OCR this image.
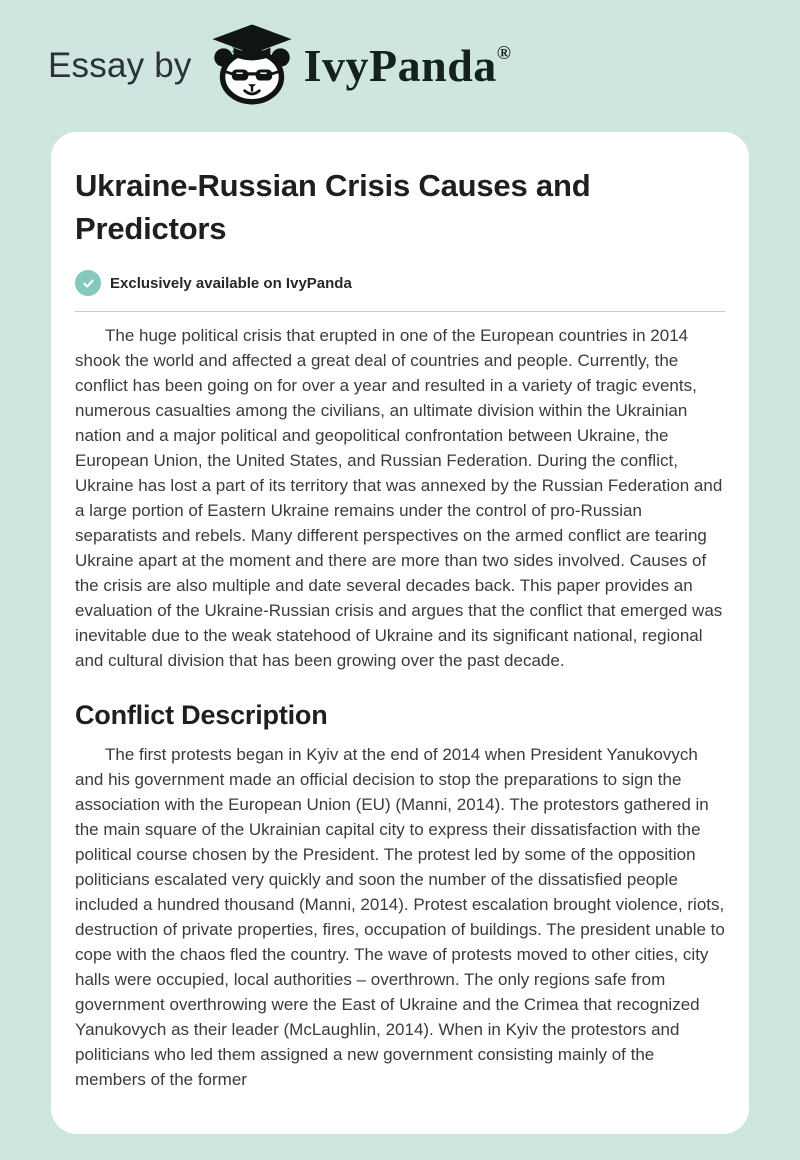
Essay by IvyPanda®
Ukraine-Russian Crisis Causes and Predictors
Exclusively available on IvyPanda

The huge political crisis that erupted in one of the European countries in 2014 shook the world and affected a great deal of countries and people. Currently, the conflict has been going on for over a year and resulted in a variety of tragic events, numerous casualties among the civilians, an ultimate division within the Ukrainian nation and a major political and geopolitical confrontation between Ukraine, the European Union, the United States, and Russian Federation. During the conflict, Ukraine has lost a part of its territory that was annexed by the Russian Federation and a large portion of Eastern Ukraine remains under the control of pro-Russian separatists and rebels. Many different perspectives on the armed conflict are tearing Ukraine apart at the moment and there are more than two sides involved. Causes of the crisis are also multiple and date several decades back. This paper provides an evaluation of the Ukraine-Russian crisis and argues that the conflict that emerged was inevitable due to the weak statehood of Ukraine and its significant national, regional and cultural division that has been growing over the past decade.

Conflict Description

The first protests began in Kyiv at the end of 2014 when President Yanukovych and his government made an official decision to stop the preparations to sign the association with the European Union (EU) (Manni, 2014). The protestors gathered in the main square of the Ukrainian capital city to express their dissatisfaction with the political course chosen by the President. The protest led by some of the opposition politicians escalated very quickly and soon the number of the dissatisfied people included a hundred thousand (Manni, 2014). Protest escalation brought violence, riots, destruction of private properties, fires, occupation of buildings. The president unable to cope with the chaos fled the country. The wave of protests moved to other cities, city halls were occupied, local authorities – overthrown. The only regions safe from government overthrowing were the East of Ukraine and the Crimea that recognized Yanukovych as their leader (McLaughlin, 2014). When in Kyiv the protestors and politicians who led them assigned a new government consisting mainly of the members of the former
